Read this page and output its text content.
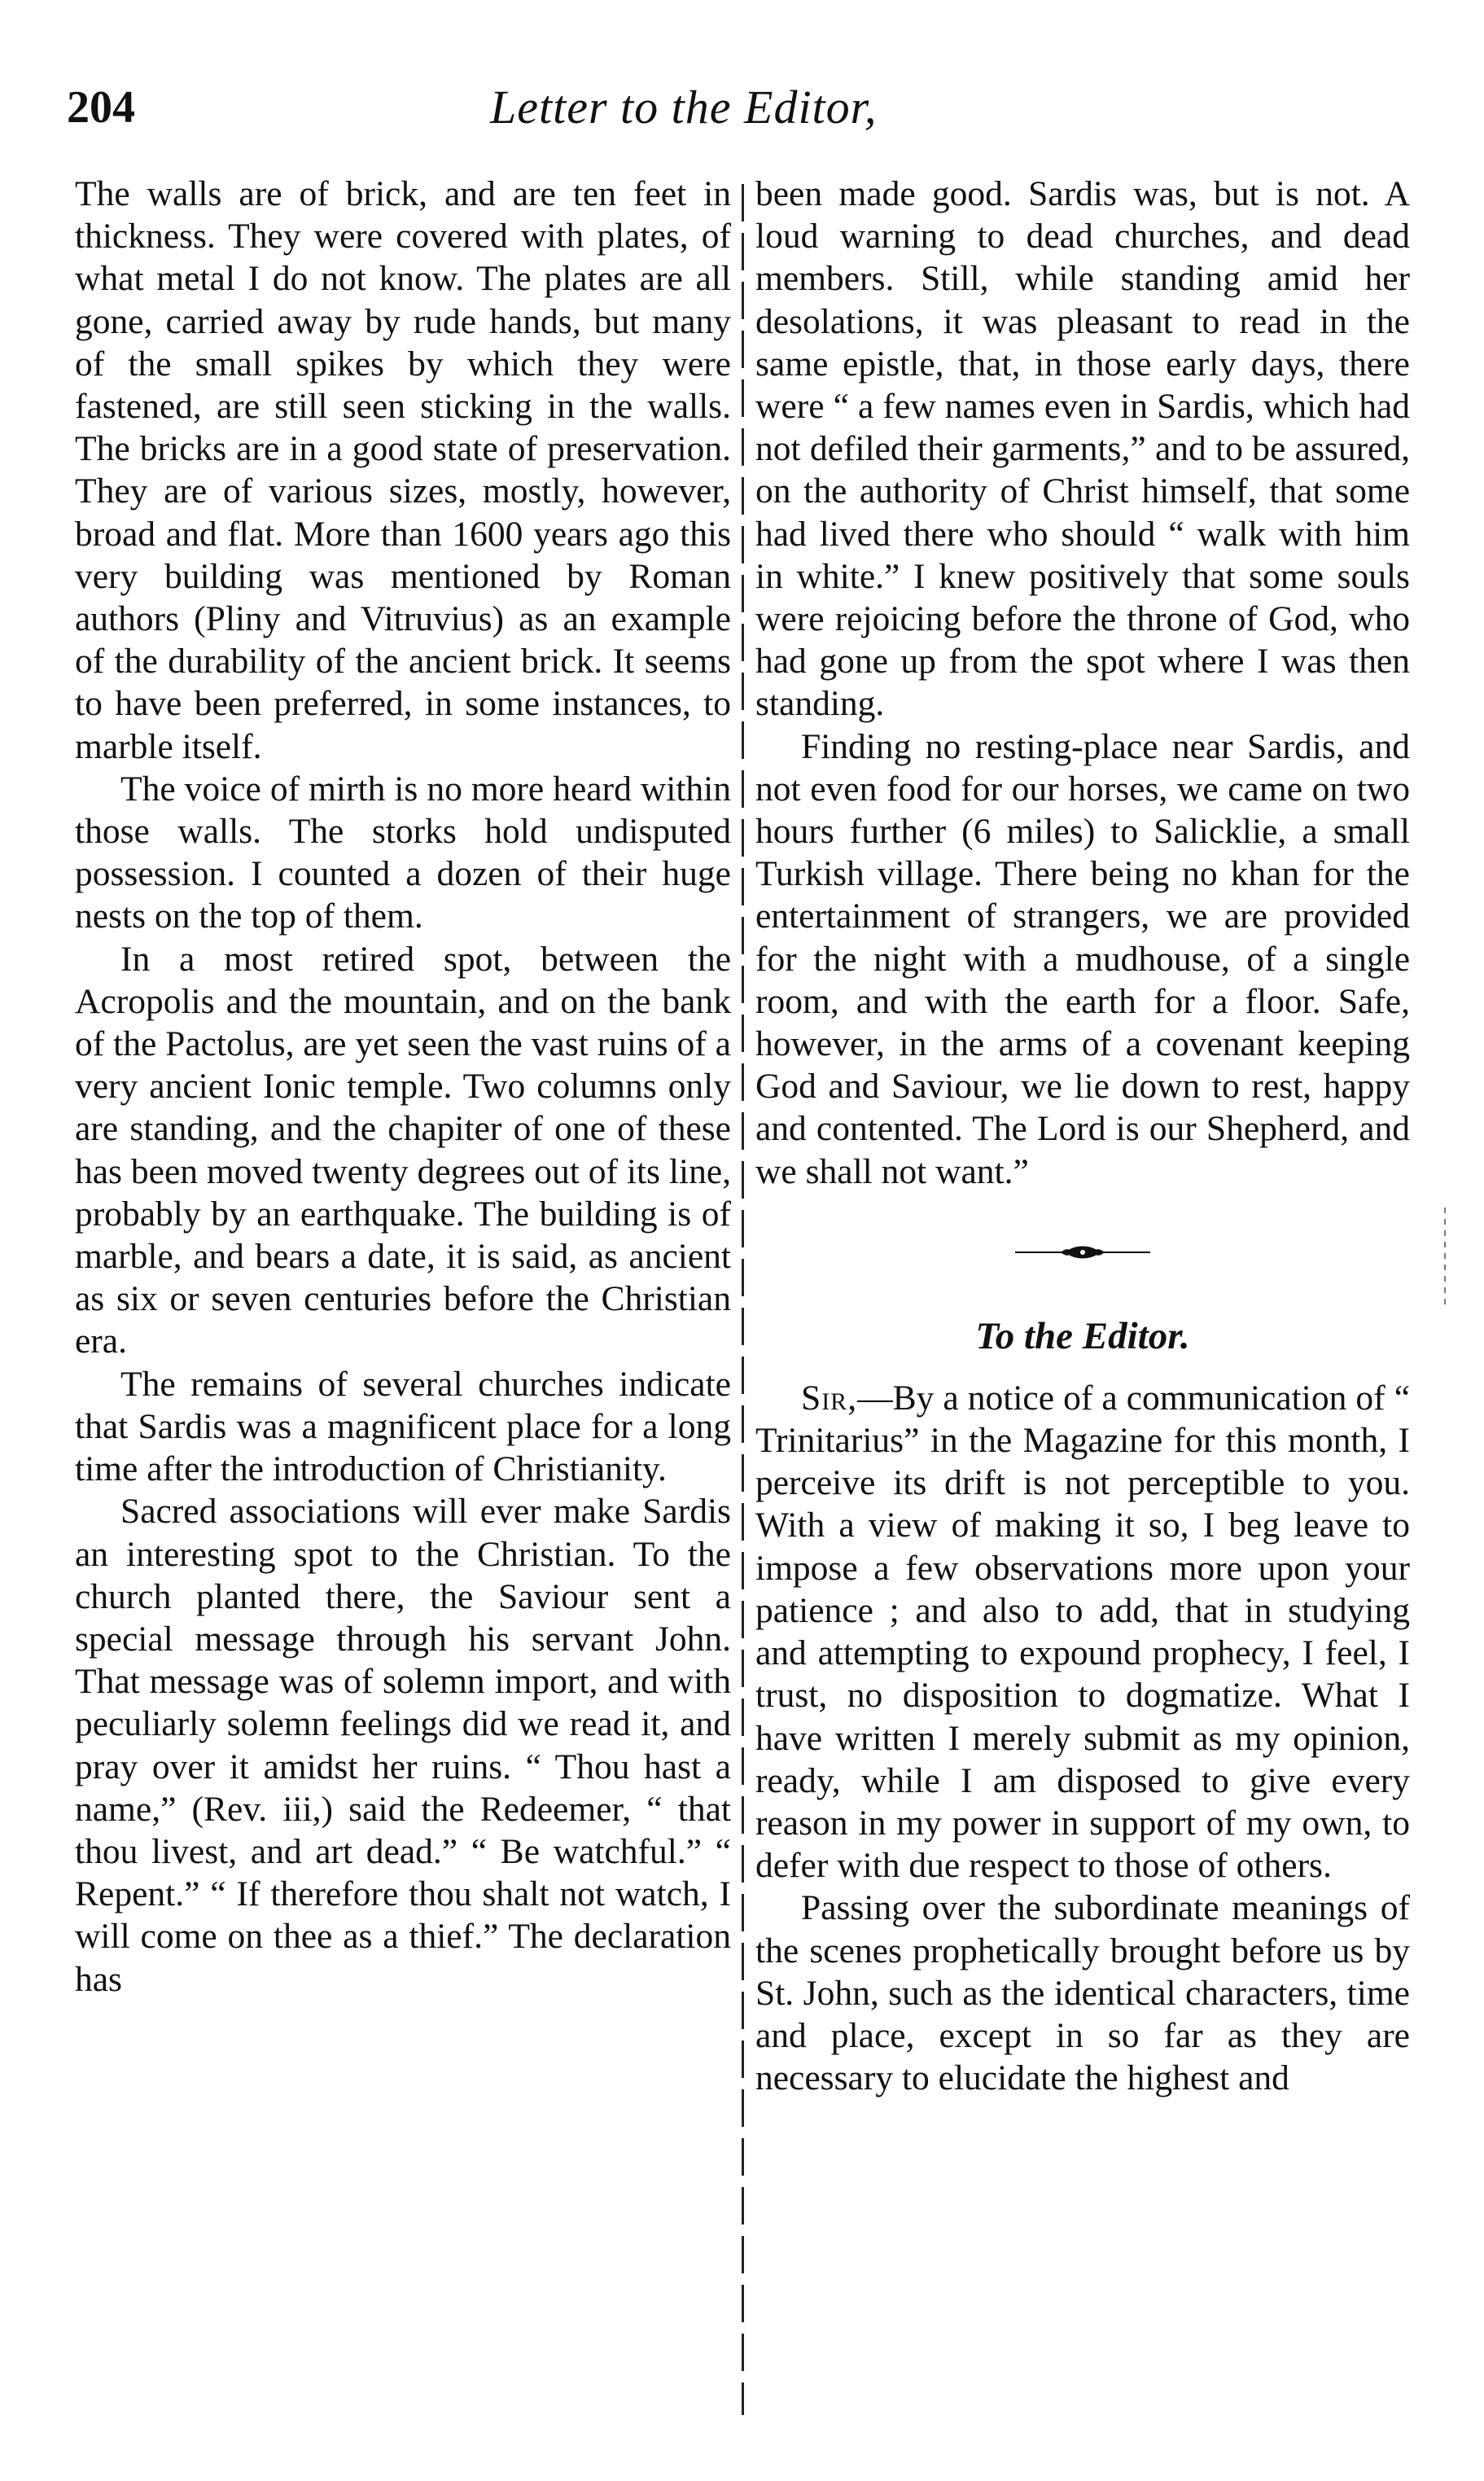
204	Letter to the Editor,

The walls are of brick, and are ten feet in thickness. They were covered with plates, of what metal I do not know. The plates are all gone, carried away by rude hands, but many of the small spikes by which they were fastened, are still seen sticking in the walls. The bricks are in a good state of preservation. They are of various sizes, mostly, however, broad and flat. More than 1600 years ago this very building was mentioned by Roman authors (Pliny and Vitruvius) as an example of the durability of the ancient brick. It seems to have been preferred, in some instances, to marble itself.

The voice of mirth is no more heard within those walls. The storks hold undisputed possession. I counted a dozen of their huge nests on the top of them.

In a most retired spot, between the Acropolis and the mountain, and on the bank of the Pactolus, are yet seen the vast ruins of a very ancient Ionic temple. Two columns only are standing, and the chapiter of one of these has been moved twenty degrees out of its line, probably by an earthquake. The building is of marble, and bears a date, it is said, as ancient as six or seven centuries before the Christian era.

The remains of several churches indicate that Sardis was a magnificent place for a long time after the introduction of Christianity.

Sacred associations will ever make Sardis an interesting spot to the Christian. To the church planted there, the Saviour sent a special message through his servant John. That message was of solemn import, and with peculiarly solemn feelings did we read it, and pray over it amidst her ruins. “ Thou hast a name,” (Rev. iii,) said the Redeemer, “ that thou livest, and art dead.” “ Be watchful.” “ Repent.” “ If therefore thou shalt not watch, I will come on thee as a thief.” The declaration has

been made good. Sardis was, but is not. A loud warning to dead churches, and dead members. Still, while standing amid her desolations, it was pleasant to read in the same epistle, that, in those early days, there were “ a few names even in Sardis, which had not defiled their garments,” and to be assured, on the authority of Christ himself, that some had lived there who should “ walk with him in white.” I knew positively that some souls were rejoicing before the throne of God, who had gone up from the spot where I was then standing.

Finding no resting-place near Sardis, and not even food for our horses, we came on two hours further (6 miles) to Salicklie, a small Turkish village. There being no khan for the entertainment of strangers, we are provided for the night with a mudhouse, of a single room, and with the earth for a floor. Safe, however, in the arms of a covenant keeping God and Saviour, we lie down to rest, happy and contented. The Lord is our Shepherd, and we shall not want.”

To the Editor.

Sir,—By a notice of a communication of “ Trinitarius” in the Magazine for this month, I perceive its drift is not perceptible to you. With a view of making it so, I beg leave to impose a few observations more upon your patience ; and also to add, that in studying and attempting to expound prophecy, I feel, I trust, no disposition to dogmatize. What I have written I merely submit as my opinion, ready, while I am disposed to give every reason in my power in support of my own, to defer with due respect to those of others.

Passing over the subordinate meanings of the scenes prophetically brought before us by St. John, such as the identical characters, time and place, except in so far as they are necessary to elucidate the highest and
